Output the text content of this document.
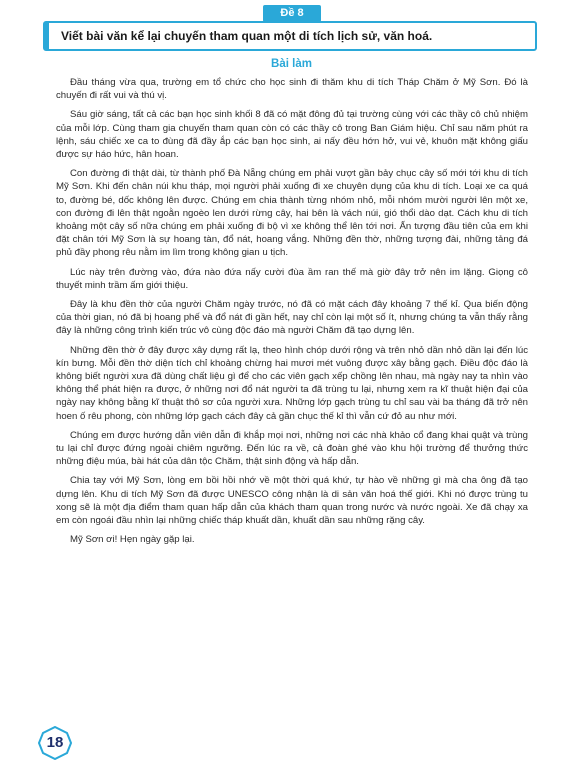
Đề 8
Viết bài văn kể lại chuyến tham quan một di tích lịch sử, văn hoá.
Bài làm

Đầu tháng vừa qua, trường em tổ chức cho học sinh đi thăm khu di tích Tháp Chăm ở Mỹ Sơn. Đó là chuyến đi rất vui và thú vị.

Sáu giờ sáng, tất cả các bạn học sinh khối 8 đã có mặt đông đủ tại trường cùng với các thầy cô chủ nhiệm của mỗi lớp. Cùng tham gia chuyến tham quan còn có các thầy cô trong Ban Giám hiệu. Chỉ sau năm phút ra lệnh, sáu chiếc xe ca to đùng đã đầy ắp các bạn học sinh, ai nấy đều hớn hở, vui vẻ, khuôn mặt không giấu được sự háo hức, hân hoan.

Con đường đi thật dài, từ thành phố Đà Nẵng chúng em phải vượt gần bảy chục cây số mới tới khu di tích Mỹ Sơn. Khi đến chân núi khu tháp, mọi người phải xuống đi xe chuyên dụng của khu di tích. Loại xe ca quá to, đường bé, dốc không lên được. Chúng em chia thành từng nhóm nhỏ, mỗi nhóm mười người lên một xe, con đường đi lên thật ngoằn ngoèo len dưới rừng cây, hai bên là vách núi, gió thổi dào dạt. Cách khu di tích khoảng một cây số nữa chúng em phải xuống đi bộ vì xe không thể lên tới nơi. Ấn tượng đầu tiên của em khi đặt chân tới Mỹ Sơn là sự hoang tàn, đổ nát, hoang vắng. Những đền thờ, những tượng đài, những tảng đá phủ đầy phong rêu nằm im lìm trong không gian u tịch.

Lúc này trên đường vào, đứa nào đứa nấy cười đùa ầm ran thế mà giờ đây trở nên im lặng. Giọng cô thuyết minh trầm ấm giới thiệu.

Đây là khu đền thờ của người Chăm ngày trước, nó đã có mặt cách đây khoảng 7 thế kỉ. Qua biến động của thời gian, nó đã bị hoang phế và đổ nát đi gần hết, nay chỉ còn lại một số ít, nhưng chúng ta vẫn thấy rằng đây là những công trình kiến trúc vô cùng độc đáo mà người Chăm đã tạo dựng lên.

Những đền thờ ở đây được xây dựng rất lạ, theo hình chóp dưới rộng và trên nhỏ dần nhỏ dần lại đến lúc kín bưng. Mỗi đền thờ diện tích chỉ khoảng chừng hai mươi mét vuông được xây bằng gạch. Điều độc đáo là không biết người xưa đã dùng chất liệu gì để cho các viên gạch xếp chồng lên nhau, mà ngày nay ta nhìn vào không thể phát hiện ra được, ở những nơi đổ nát người ta đã trùng tu lại, nhưng xem ra kĩ thuật hiện đại của ngày nay không bằng kĩ thuật thô sơ của người xưa. Những lớp gạch trùng tu chỉ sau vài ba tháng đã trở nên hoen ố rêu phong, còn những lớp gạch cách đây cả gần chục thế kỉ thì vẫn cứ đỏ au như mới.

Chúng em được hướng dẫn viên dẫn đi khắp mọi nơi, những nơi các nhà khảo cổ đang khai quật và trùng tu lại chỉ được đứng ngoài chiêm ngưỡng. Đến lúc ra về, cả đoàn ghé vào khu hội trường để thưởng thức những điệu múa, bài hát của dân tộc Chăm, thật sinh động và hấp dẫn.

Chia tay với Mỹ Sơn, lòng em bồi hồi nhớ về một thời quá khứ, tự hào về những gì mà cha ông đã tạo dựng lên. Khu di tích Mỹ Sơn đã được UNESCO công nhận là di sản văn hoá thế giới. Khi nó được trùng tu xong sẽ là một địa điểm tham quan hấp dẫn của khách tham quan trong nước và nước ngoài. Xe đã chạy xa em còn ngoái đầu nhìn lại những chiếc tháp khuất dần, khuất dần sau những rặng cây.

Mỹ Sơn ơi! Hẹn ngày gặp lại.

18
